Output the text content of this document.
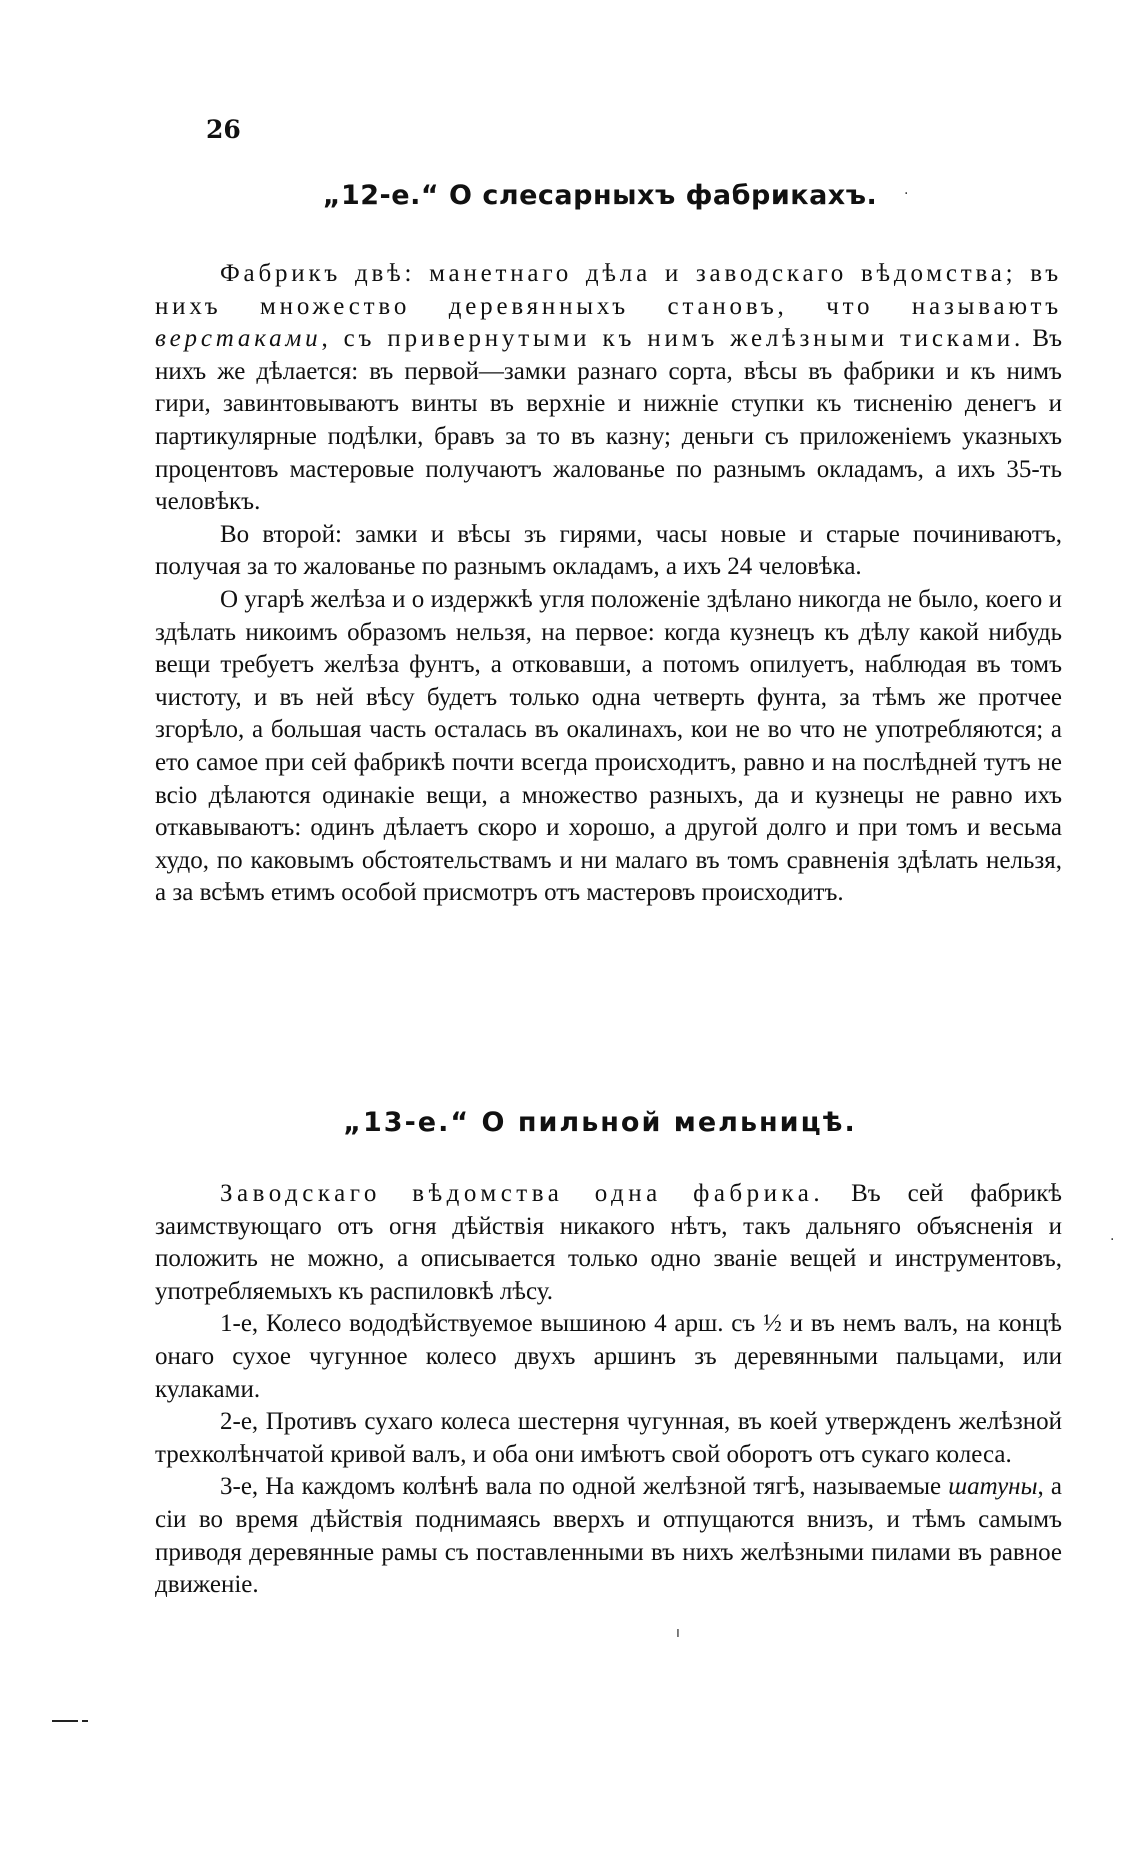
26
„12-е.“ О слесарныхъ фабрикахъ.	·

Фабрикъ двѣ: манетнаго дѣла и заводскаго вѣдомства; въ нихъ множество деревянныхъ становъ, что называютъ верстаками, съ привернутыми къ нимъ желѣзными тисками. Въ нихъ же дѣлается: въ первой—замки разнаго сорта, вѣсы въ фабрики и къ нимъ гири, завинтовываютъ винты въ верхніе и нижніе ступки къ тисненію денегъ и партикулярные подѣлки, бравъ за то въ казну; деньги съ приложеніемъ указныхъ процентовъ мастеровые получаютъ жалованье по разнымъ окладамъ, а ихъ 35-ть человѣкъ.

Во второй: замки и вѣсы зъ гирями, часы новые и старые починиваютъ, получая за то жалованье по разнымъ окладамъ, а ихъ 24 человѣка.

О угарѣ желѣза и о издержкѣ угля положеніе здѣлано никогда не было, коего и здѣлать никоимъ образомъ нельзя, на первое: когда кузнецъ къ дѣлу какой нибудь вещи требуетъ желѣза фунтъ, а отковавши, а потомъ опилуетъ, наблюдая въ томъ чистоту, и въ ней вѣсу будетъ только одна четверть фунта, за тѣмъ же протчее згорѣло, а большая часть осталась въ окалинахъ, кои не во что не употребляются; а ето самое при сей фабрикѣ почти всегда происходитъ, равно и на послѣдней тутъ не всіо дѣлаются одинакіе вещи, а множество разныхъ, да и кузнецы не равно ихъ откавываютъ: одинъ дѣлаетъ скоро и хорошо, а другой долго и при томъ и весьма худо, по каковымъ обстоятельствамъ и ни малаго въ томъ сравненія здѣлать нельзя, а за всѣмъ етимъ особой присмотръ отъ мастеровъ происходитъ.

„13-е.“ О пильной мельницѣ.

Заводскаго вѣдомства одна фабрика. Въ сей фабрикѣ заимствующаго отъ огня дѣйствія никакого нѣтъ, такъ дальняго объясненія и положить не можно, а описывается только одно званіе вещей и инструментовъ, употребляемыхъ къ распиловкѣ лѣсу.

1-е, Колесо вододѣйствуемое вышиною 4 арш. съ ½ и въ немъ валъ, на концѣ онаго сухое чугунное колесо двухъ аршинъ зъ деревянными пальцами, или кулаками.

2-е, Противъ сухаго колеса шестерня чугунная, въ коей утвержденъ желѣзной трехколѣнчатой кривой валъ, и оба они имѣютъ свой оборотъ отъ сукаго колеса.

3-е, На каждомъ колѣнѣ вала по одной желѣзной тягѣ, называемые шатуны, а сіи во время дѣйствія поднимаясь вверхъ и отпущаются внизъ, и тѣмъ самымъ приводя деревянные рамы съ поставленными въ нихъ желѣзными пилами въ равное движеніе.

·
ı
